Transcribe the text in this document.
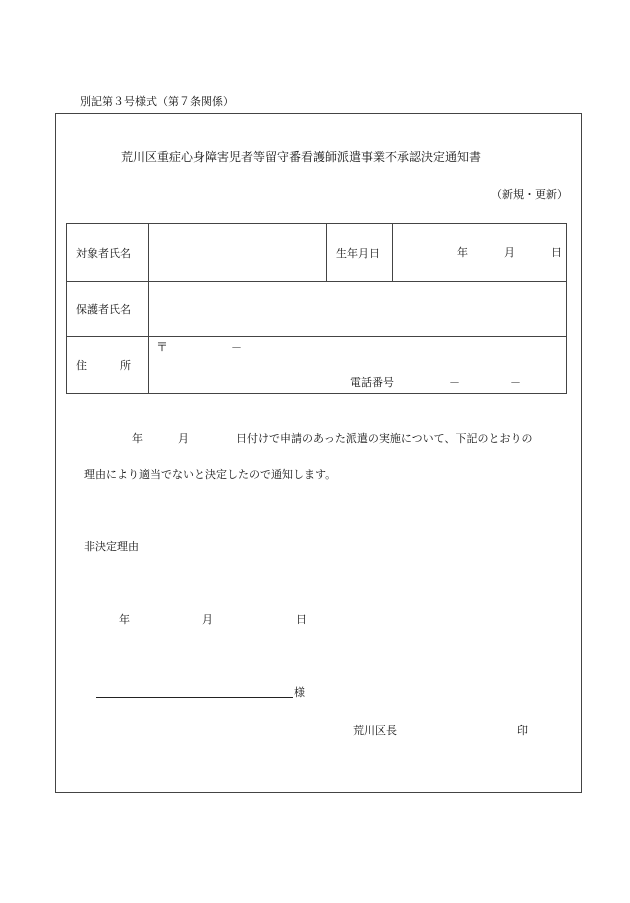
別記第３号様式（第７条関係）
荒川区重症心身障害児者等留守番看護師派遣事業不承認決定通知書
（新規・更新）
対象者氏名		生年月日	年 月 日

保護者氏名			
住　　　所	〒 －
電話番号 － －		
年	月	日付けで申請のあった派遣の実施について、下記のとおりの
理由により適当でないと決定したので通知します。
非決定理由
年	月	日
様
荒川区長	印
